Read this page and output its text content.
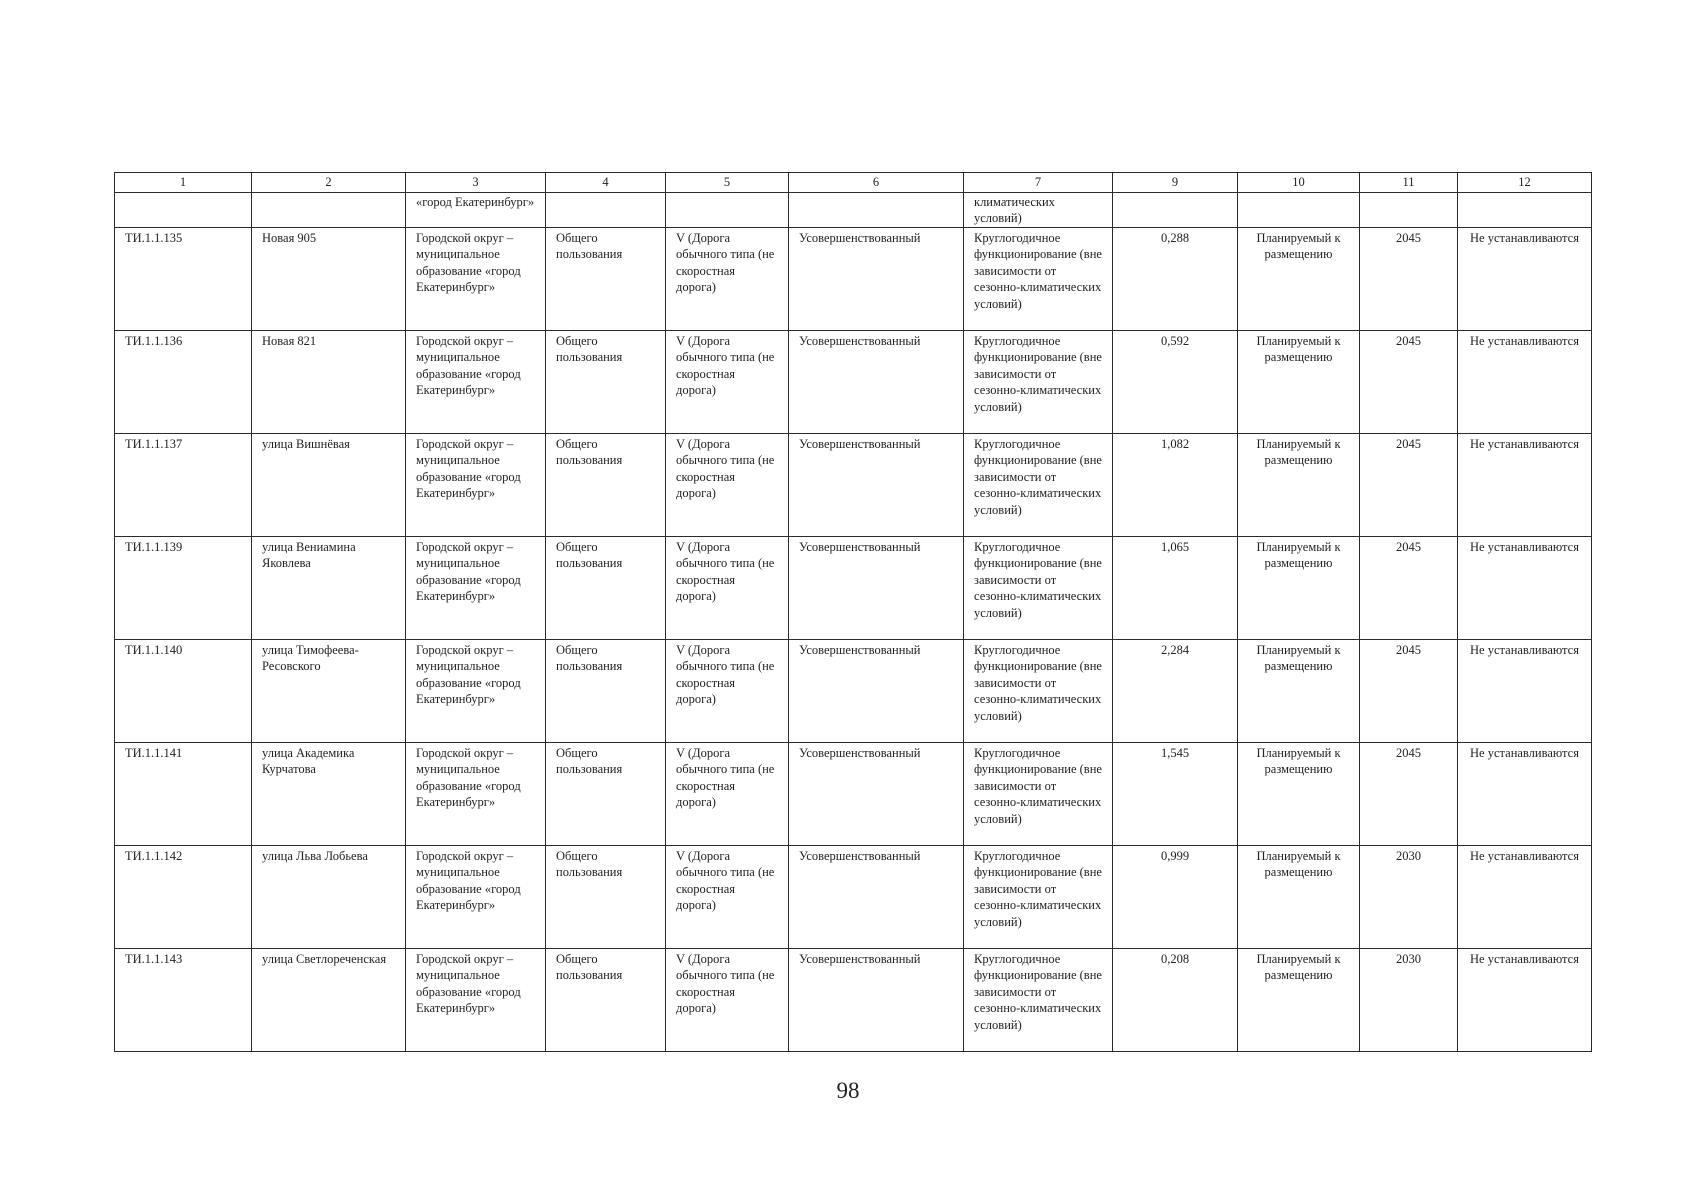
1	2	3	4	5	6	7	9	10	11	12
		«город Екатеринбург»				климатических условий)				
ТИ.1.1.135	Новая 905	Городской округ – муниципальное образование «город Екатеринбург»	Общего пользования	V (Дорога обычного типа (не скоростная дорога)	Усовершенствованный	Круглогодичное функционирование (вне зависимости от сезонно-климатических условий)	0,288	Планируемый к размещению	2045	Не устанавливаются
ТИ.1.1.136	Новая 821	Городской округ – муниципальное образование «город Екатеринбург»	Общего пользования	V (Дорога обычного типа (не скоростная дорога)	Усовершенствованный	Круглогодичное функционирование (вне зависимости от сезонно-климатических условий)	0,592	Планируемый к размещению	2045	Не устанавливаются
ТИ.1.1.137	улица Вишнёвая	Городской округ – муниципальное образование «город Екатеринбург»	Общего пользования	V (Дорога обычного типа (не скоростная дорога)	Усовершенствованный	Круглогодичное функционирование (вне зависимости от сезонно-климатических условий)	1,082	Планируемый к размещению	2045	Не устанавливаются
ТИ.1.1.139	улица Вениамина Яковлева	Городской округ – муниципальное образование «город Екатеринбург»	Общего пользования	V (Дорога обычного типа (не скоростная дорога)	Усовершенствованный	Круглогодичное функционирование (вне зависимости от сезонно-климатических условий)	1,065	Планируемый к размещению	2045	Не устанавливаются
ТИ.1.1.140	улица Тимофеева-Ресовского	Городской округ – муниципальное образование «город Екатеринбург»	Общего пользования	V (Дорога обычного типа (не скоростная дорога)	Усовершенствованный	Круглогодичное функционирование (вне зависимости от сезонно-климатических условий)	2,284	Планируемый к размещению	2045	Не устанавливаются
ТИ.1.1.141	улица Академика Курчатова	Городской округ – муниципальное образование «город Екатеринбург»	Общего пользования	V (Дорога обычного типа (не скоростная дорога)	Усовершенствованный	Круглогодичное функционирование (вне зависимости от сезонно-климатических условий)	1,545	Планируемый к размещению	2045	Не устанавливаются
ТИ.1.1.142	улица Льва Лобьева	Городской округ – муниципальное образование «город Екатеринбург»	Общего пользования	V (Дорога обычного типа (не скоростная дорога)	Усовершенствованный	Круглогодичное функционирование (вне зависимости от сезонно-климатических условий)	0,999	Планируемый к размещению	2030	Не устанавливаются
ТИ.1.1.143	улица Светлореченская	Городской округ – муниципальное образование «город Екатеринбург»	Общего пользования	V (Дорога обычного типа (не скоростная дорога)	Усовершенствованный	Круглогодичное функционирование (вне зависимости от сезонно-климатических условий)	0,208	Планируемый к размещению	2030	Не устанавливаются
98
